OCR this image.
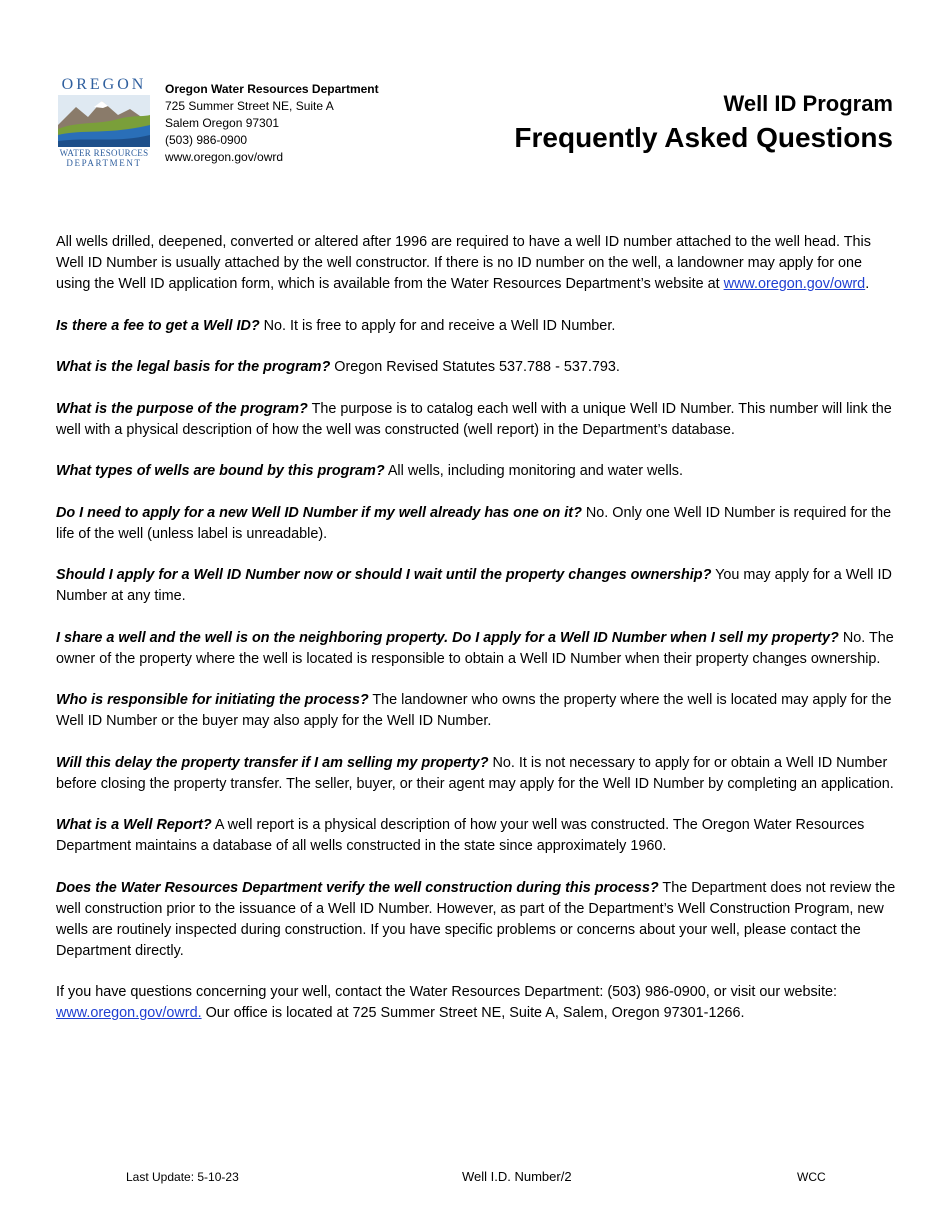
OREGON
WATER RESOURCES
DEPARTMENT
Oregon Water Resources Department
725 Summer Street NE, Suite A
Salem Oregon 97301
(503) 986-0900
www.oregon.gov/owrd
Well ID Program
Frequently Asked Questions

All wells drilled, deepened, converted or altered after 1996 are required to have a well ID number attached to the well head. This Well ID Number is usually attached by the well constructor. If there is no ID number on the well, a landowner may apply for one using the Well ID application form, which is available from the Water Resources Department’s website at www.oregon.gov/owrd.

Is there a fee to get a Well ID? No. It is free to apply for and receive a Well ID Number.

What is the legal basis for the program? Oregon Revised Statutes 537.788 - 537.793.

What is the purpose of the program? The purpose is to catalog each well with a unique Well ID Number. This number will link the well with a physical description of how the well was constructed (well report) in the Department’s database.

What types of wells are bound by this program? All wells, including monitoring and water wells.

Do I need to apply for a new Well ID Number if my well already has one on it? No. Only one Well ID Number is required for the life of the well (unless label is unreadable).

Should I apply for a Well ID Number now or should I wait until the property changes ownership? You may apply for a Well ID Number at any time.

I share a well and the well is on the neighboring property. Do I apply for a Well ID Number when I sell my property? No. The owner of the property where the well is located is responsible to obtain a Well ID Number when their property changes ownership.

Who is responsible for initiating the process? The landowner who owns the property where the well is located may apply for the Well ID Number or the buyer may also apply for the Well ID Number.

Will this delay the property transfer if I am selling my property? No. It is not necessary to apply for or obtain a Well ID Number before closing the property transfer. The seller, buyer, or their agent may apply for the Well ID Number by completing an application.

What is a Well Report? A well report is a physical description of how your well was constructed. The Oregon Water Resources Department maintains a database of all wells constructed in the state since approximately 1960.

Does the Water Resources Department verify the well construction during this process? The Department does not review the well construction prior to the issuance of a Well ID Number. However, as part of the Department’s Well Construction Program, new wells are routinely inspected during construction. If you have specific problems or concerns about your well, please contact the Department directly.

If you have questions concerning your well, contact the Water Resources Department: (503) 986-0900, or visit our website: www.oregon.gov/owrd. Our office is located at 725 Summer Street NE, Suite A, Salem, Oregon 97301-1266.

Last Update: 5-10-23	Well I.D. Number/2	WCC
